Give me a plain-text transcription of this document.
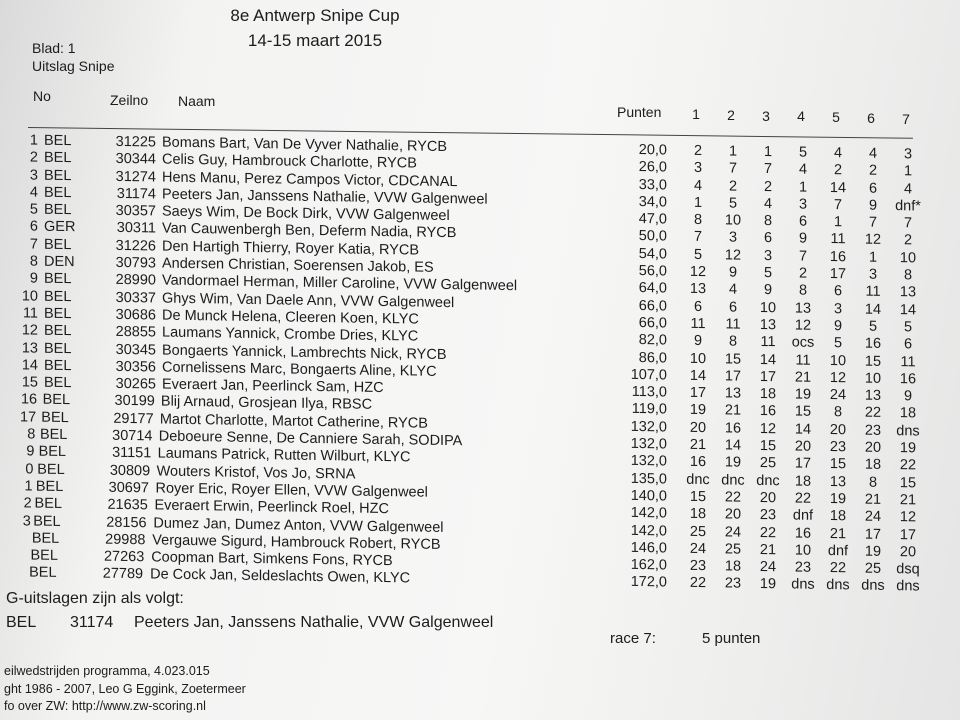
8e Antwerp Snipe Cup
14-15 maart 2015
Blad: 1
Uitslag Snipe
No	Zeilno Naam
Punten	1	2	3	4	5	6	7
1 BEL	31225 Bomans Bart, Van De Vyver Nathalie, RYCB	20,0	2	1	1	5	4	4	3
2 BEL	30344 Celis Guy, Hambrouck Charlotte, RYCB	26,0	3	7	7	4	2	2	1
3 BEL	31274 Hens Manu, Perez Campos Victor, CDCANAL	33,0	4	2	2	1	14	6	4
4 BEL	31174 Peeters Jan, Janssens Nathalie, VVW Galgenweel	34,0	1	5	4	3	7	9	dnf*
5 BEL	30357 Saeys Wim, De Bock Dirk, VVW Galgenweel	47,0	8	10	8	6	1	7	7
6 GER	30311 Van Cauwenbergh Ben, Deferm Nadia, RYCB	50,0	7	3	6	9	11	12	2
7 BEL	31226 Den Hartigh Thierry, Royer Katia, RYCB	54,0	5	12	3	7	16	1	10
8 DEN	30793 Andersen Christian, Soerensen Jakob, ES	56,0	12	9	5	2	17	3	8
9 BEL	28990 Vandormael Herman, Miller Caroline, VVW Galgenweel	64,0	13	4	9	8	6	11	13
10 BEL	30337 Ghys Wim, Van Daele Ann, VVW Galgenweel	66,0	6	6	10	13	3	14	14
11 BEL	30686 De Munck Helena, Cleeren Koen, KLYC	66,0	11	11	13	12	9	5	5
12 BEL	28855 Laumans Yannick, Crombe Dries, KLYC	82,0	9	8	11	ocs	5	16	6
13 BEL	30345 Bongaerts Yannick, Lambrechts Nick, RYCB	86,0	10	15	14	11	10	15	11
14 BEL	30356 Cornelissens Marc, Bongaerts Aline, KLYC	107,0	14	17	17	21	12	10	16
15 BEL	30265 Everaert Jan, Peerlinck Sam, HZC	113,0	17	13	18	19	24	13	9
16 BEL	30199 Blij Arnaud, Grosjean Ilya, RBSC	119,0	19	21	16	15	8	22	18
17 BEL	29177 Martot Charlotte, Martot Catherine, RYCB	132,0	20	16	12	14	20	23	dns
8 BEL	30714 Deboeure Senne, De Canniere Sarah, SODIPA	132,0	21	14	15	20	23	20	19
9 BEL	31151 Laumans Patrick, Rutten Wilburt, KLYC	132,0	16	19	25	17	15	18	22
0 BEL	30809 Wouters Kristof, Vos Jo, SRNA	135,0	dnc dnc dnc	18	13	8	15
1 BEL	30697 Royer Eric, Royer Ellen, VVW Galgenweel	140,0	15	22	20	22	19	21	21
2 BEL	21635 Everaert Erwin, Peerlinck Roel, HZC	142,0	18	20	23	dnf	18	24	12
3 BEL	28156 Dumez Jan, Dumez Anton, VVW Galgenweel	142,0	25	24	22	16	21	17	17
BEL	29988 Vergauwe Sigurd, Hambrouck Robert, RYCB	146,0	24	25	21	10	dnf	19	20
BEL	27263 Coopman Bart, Simkens Fons, RYCB	162,0	23	18	24	23	22	25	dsq
BEL	27789 De Cock Jan, Seldeslachts Owen, KLYC	172,0	22	23	19	dns dns dns dns
G-uitslagen zijn als volgt:
BEL 31174 Peeters Jan, Janssens Nathalie, VVW Galgenweel
race 7:	5 punten
eilwedstrijden programma, 4.023.015
ght 1986 - 2007, Leo G Eggink, Zoetermeer
fo over ZW: http://www.zw-scoring.nl
